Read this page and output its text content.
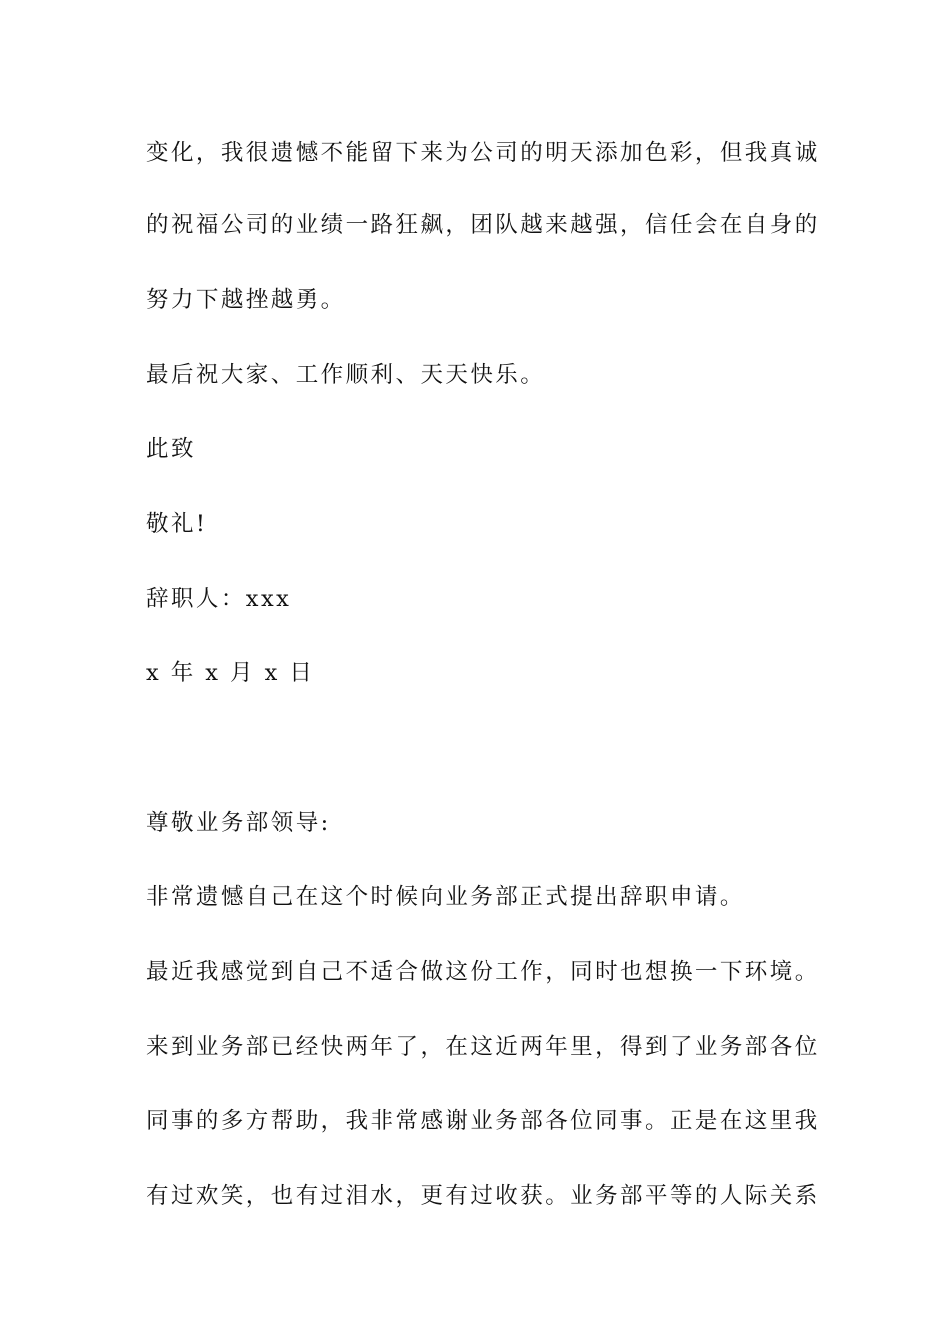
变化，我很遗憾不能留下来为公司的明天添加色彩，但我真诚
的祝福公司的业绩一路狂飙，团队越来越强，信任会在自身的
努力下越挫越勇。
最后祝大家、工作顺利、天天快乐。
此致
敬礼!
辞职人：xxx
x 年 x 月 x 日
尊敬业务部领导:
非常遗憾自己在这个时候向业务部正式提出辞职申请。
最近我感觉到自己不适合做这份工作，同时也想换一下环境。
来到业务部已经快两年了，在这近两年里，得到了业务部各位
同事的多方帮助，我非常感谢业务部各位同事。正是在这里我
有过欢笑，也有过泪水，更有过收获。业务部平等的人际关系
